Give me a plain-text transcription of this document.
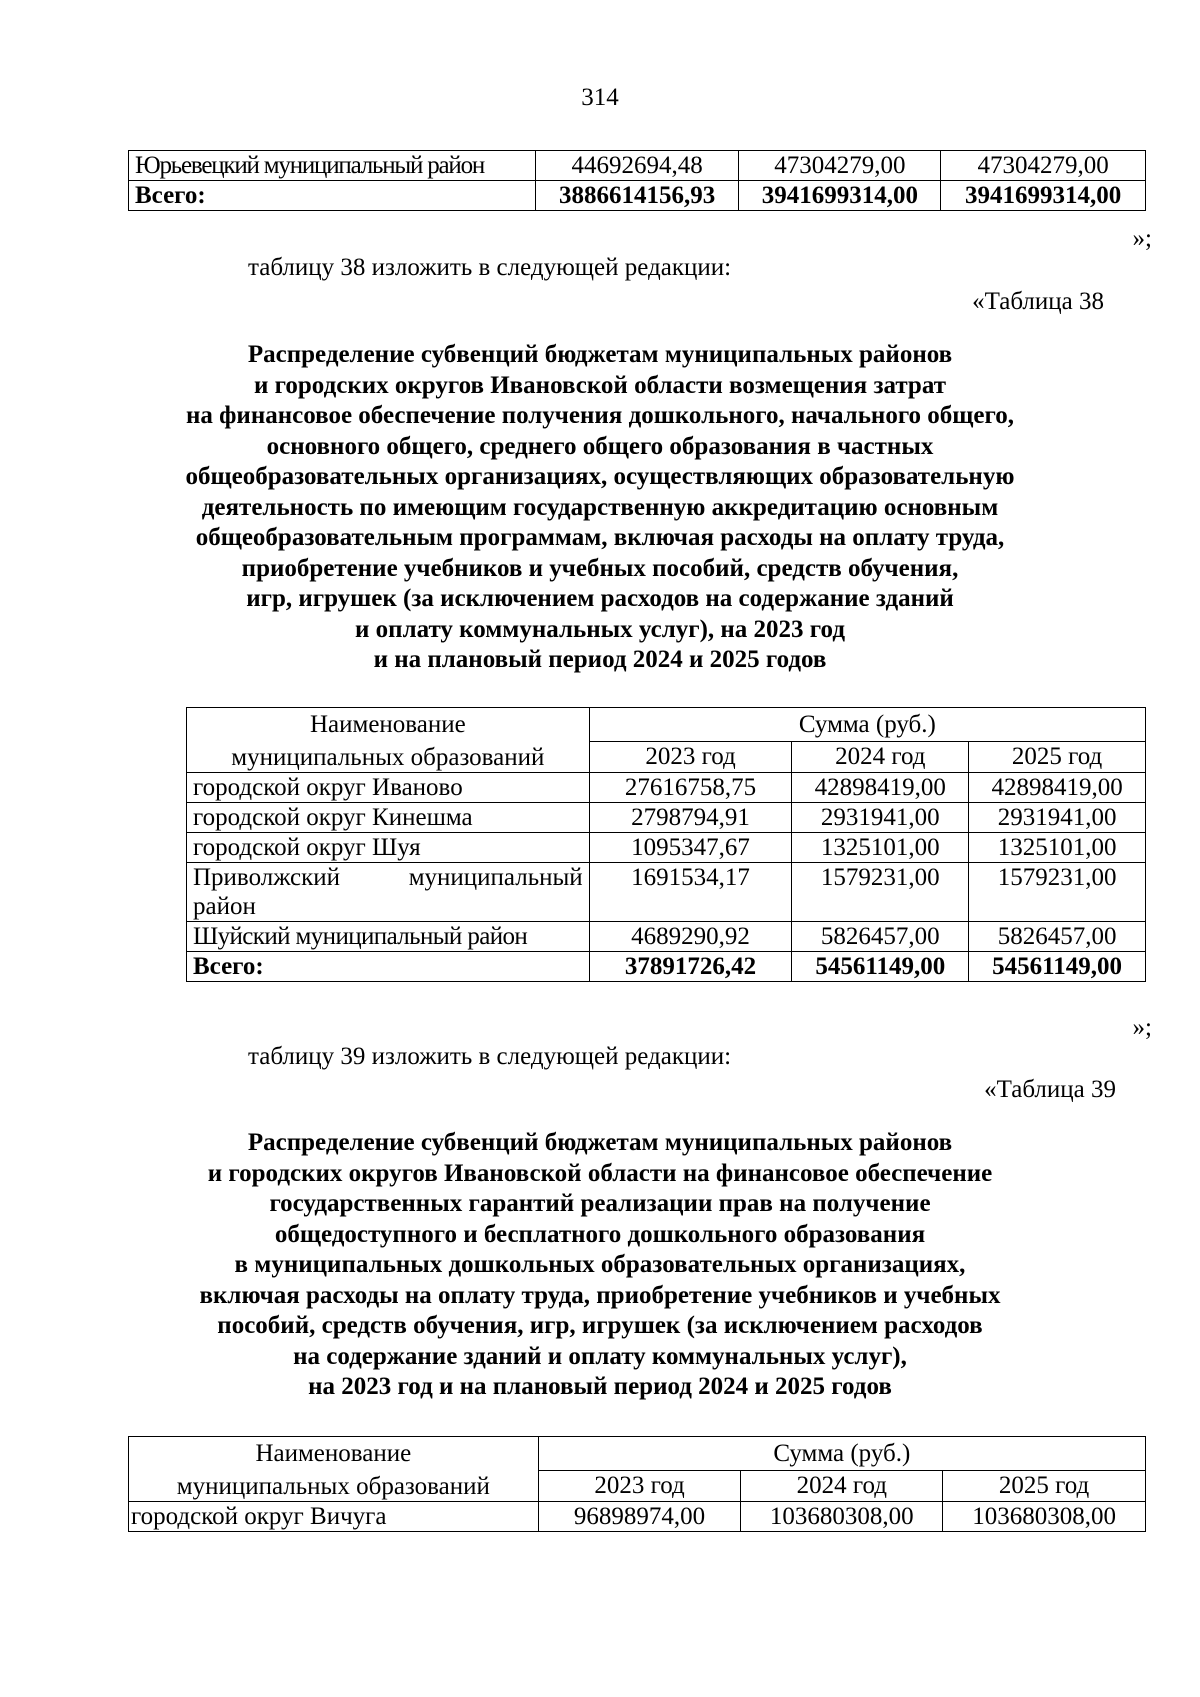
314
Юрьевецкий муниципальный район	44692694,48	47304279,00	47304279,00
Всего:	3886614156,93	3941699314,00	3941699314,00
»;
таблицу 38 изложить в следующей редакции:
«Таблица 38
Распределение субвенций бюджетам муниципальных районов
и городских округов Ивановской области возмещения затрат
на финансовое обеспечение получения дошкольного, начального общего,
основного общего, среднего общего образования в частных
общеобразовательных организациях, осуществляющих образовательную
деятельность по имеющим государственную аккредитацию основным
общеобразовательным программам, включая расходы на оплату труда,
приобретение учебников и учебных пособий, средств обучения,
игр, игрушек (за исключением расходов на содержание зданий
и оплату коммунальных услуг), на 2023 год
и на плановый период 2024 и 2025 годов
Наименование
муниципальных образований	Сумма (руб.)		
	2023 год	2024 год	2025 год
городской округ Иваново	27616758,75	42898419,00	42898419,00
городской округ Кинешма	2798794,91	2931941,00	2931941,00
городской округ Шуя	1095347,67	1325101,00	1325101,00
Приволжский муниципальный район	1691534,17	1579231,00	1579231,00
Шуйский муниципальный район	4689290,92	5826457,00	5826457,00
Всего:	37891726,42	54561149,00	54561149,00
»;
таблицу 39 изложить в следующей редакции:
«Таблица 39
Распределение субвенций бюджетам муниципальных районов
и городских округов Ивановской области на финансовое обеспечение
государственных гарантий реализации прав на получение
общедоступного и бесплатного дошкольного образования
в муниципальных дошкольных образовательных организациях,
включая расходы на оплату труда, приобретение учебников и учебных
пособий, средств обучения, игр, игрушек (за исключением расходов
на содержание зданий и оплату коммунальных услуг),
на 2023 год и на плановый период 2024 и 2025 годов
Наименование
муниципальных образований	Сумма (руб.)		
	2023 год	2024 год	2025 год
городской округ Вичуга	96898974,00	103680308,00	103680308,00
